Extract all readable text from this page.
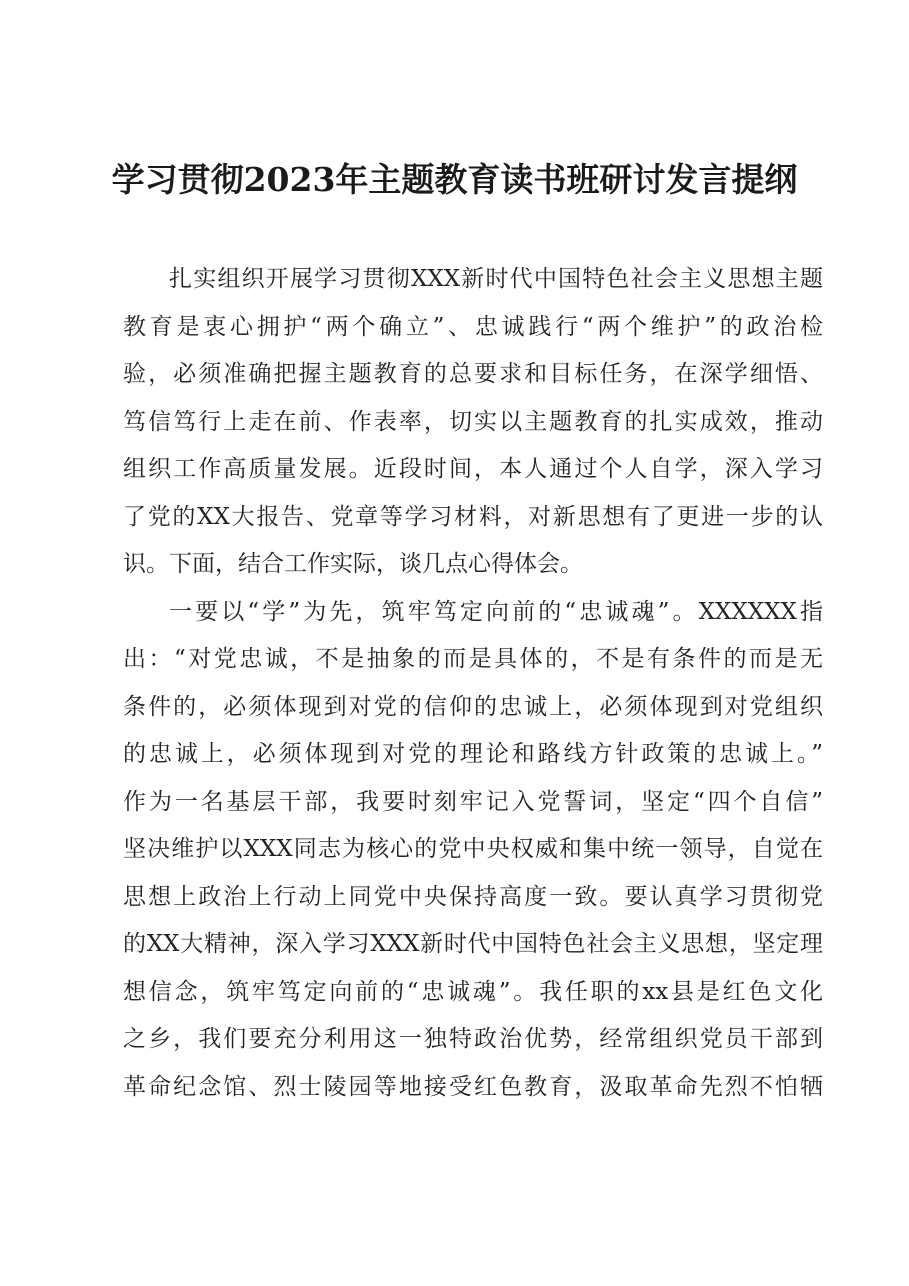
学习贯彻2023年主题教育读书班研讨发言提纲
扎实组织开展学习贯彻XXX新时代中国特色社会主义思想主题
教育是衷心拥护“两个确立”、忠诚践行“两个维护”的政治检
验，必须准确把握主题教育的总要求和目标任务，在深学细悟、
笃信笃行上走在前、作表率，切实以主题教育的扎实成效，推动
组织工作高质量发展。近段时间，本人通过个人自学，深入学习
了党的XX大报告、党章等学习材料，对新思想有了更进一步的认
识。下面，结合工作实际，谈几点心得体会。
一要以“学”为先，筑牢笃定向前的“忠诚魂”。XXXXXX指
出：“对党忠诚，不是抽象的而是具体的，不是有条件的而是无
条件的，必须体现到对党的信仰的忠诚上，必须体现到对党组织
的忠诚上，必须体现到对党的理论和路线方针政策的忠诚上。”
作为一名基层干部，我要时刻牢记入党誓词，坚定“四个自信”
坚决维护以XXX同志为核心的党中央权威和集中统一领导，自觉在
思想上政治上行动上同党中央保持高度一致。要认真学习贯彻党
的XX大精神，深入学习XXX新时代中国特色社会主义思想，坚定理
想信念，筑牢笃定向前的“忠诚魂”。我任职的xx县是红色文化
之乡，我们要充分利用这一独特政治优势，经常组织党员干部到
革命纪念馆、烈士陵园等地接受红色教育，汲取革命先烈不怕牺
